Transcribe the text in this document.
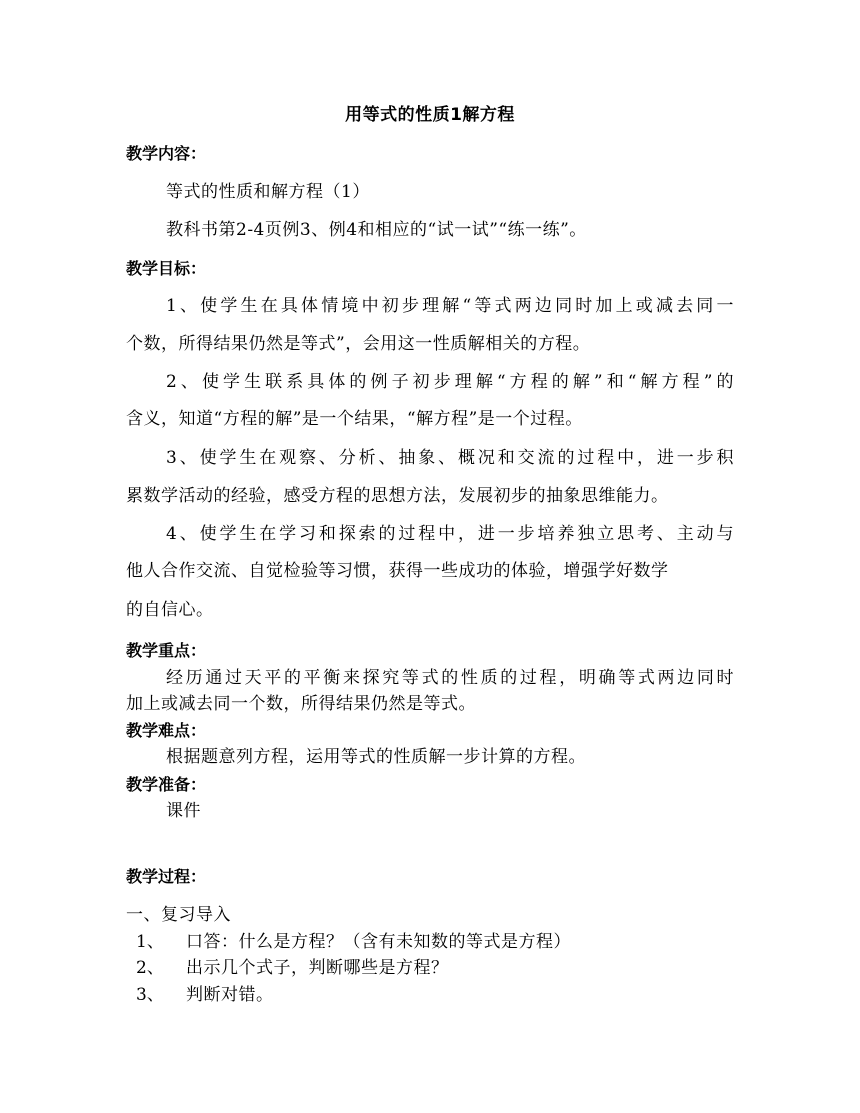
用等式的性质1解方程
教学内容：
等式的性质和解方程（1）
教科书第2-4页例3、例4和相应的“试一试”“练一练”。
教学目标：
1、使学生在具体情境中初步理解“等式两边同时加上或减去同一
个数，所得结果仍然是等式”，会用这一性质解相关的方程。
2、使学生联系具体的例子初步理解“方程的解”和“解方程”的
含义，知道“方程的解”是一个结果，“解方程”是一个过程。
3、使学生在观察、分析、抽象、概况和交流的过程中，进一步积
累数学活动的经验，感受方程的思想方法，发展初步的抽象思维能力。
4、使学生在学习和探索的过程中，进一步培养独立思考、主动与
他人合作交流、自觉检验等习惯，获得一些成功的体验，增强学好数学
的自信心。
教学重点：
经历通过天平的平衡来探究等式的性质的过程，明确等式两边同时
加上或减去同一个数，所得结果仍然是等式。
教学难点：
根据题意列方程，运用等式的性质解一步计算的方程。
教学准备：
课件
教学过程：
一、复习导入
1、 口答：什么是方程？（含有未知数的等式是方程）
2、 出示几个式子，判断哪些是方程？
3、 判断对错。
